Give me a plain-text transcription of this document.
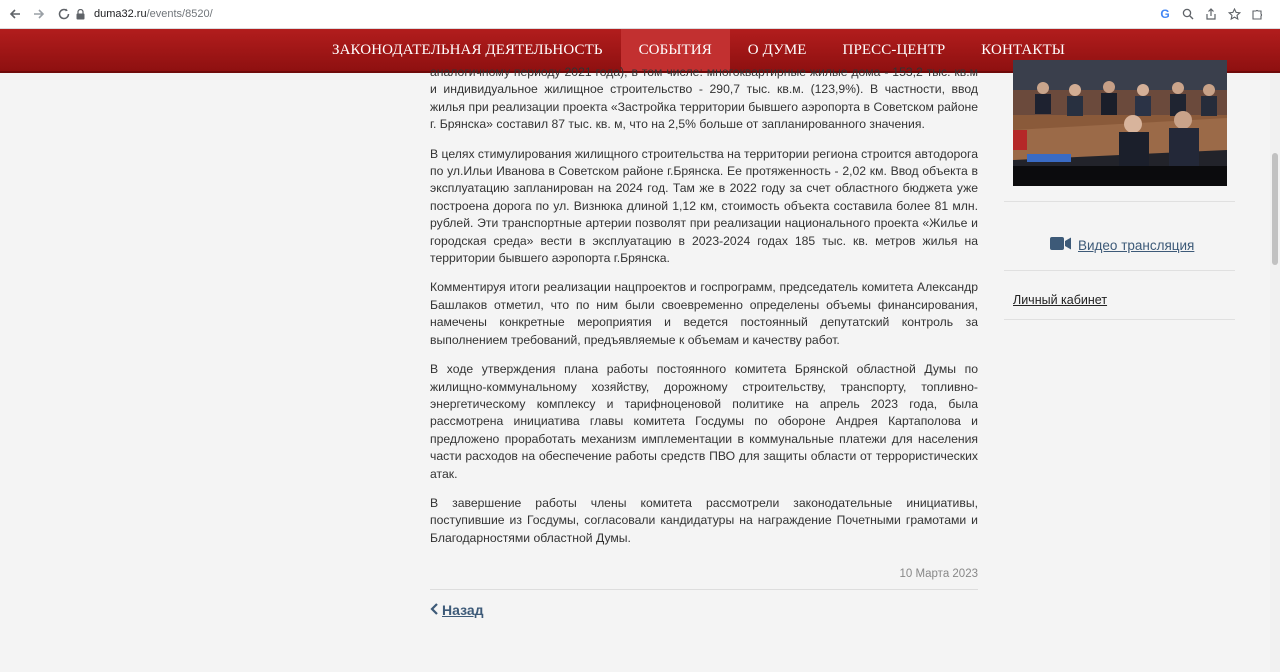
duma32.ru/events/8520/	G
ЗАКОНОДАТЕЛЬНАЯ ДЕЯТЕЛЬНОСТЬ	СОБЫТИЯ	О ДУМЕ	ПРЕСС-ЦЕНТР	КОНТАКТЫ

аналогичному периоду 2021 года), в том числе: многоквартирные жилые дома - 153,2 тыс. кв.м и индивидуальное жилищное строительство - 290,7 тыс. кв.м. (123,9%). В частности, ввод жилья при реализации проекта «Застройка территории бывшего аэропорта в Советском районе г. Брянска» составил 87 тыс. кв. м, что на 2,5% больше от запланированного значения.

В целях стимулирования жилищного строительства на территории региона строится автодорога по ул.Ильи Иванова в Советском районе г.Брянска. Ее протяженность - 2,02 км. Ввод объекта в эксплуатацию запланирован на 2024 год. Там же в 2022 году за счет областного бюджета уже построена дорога по ул. Визнюка длиной 1,12 км, стоимость объекта составила более 81 млн. рублей. Эти транспортные артерии позволят при реализации национального проекта «Жилье и городская среда» вести в эксплуатацию в 2023-2024 годах 185 тыс. кв. метров жилья на территории бывшего аэропорта г.Брянска.

Комментируя итоги реализации нацпроектов и госпрограмм, председатель комитета Александр Башлаков отметил, что по ним были своевременно определены объемы финансирования, намечены конкретные мероприятия и ведется постоянный депутатский контроль за выполнением требований, предъявляемые к объемам и качеству работ.

В ходе утверждения плана работы постоянного комитета Брянской областной Думы по жилищно-коммунальному хозяйству, дорожному строительству, транспорту, топливно-энергетическому комплексу и тарифноценовой политике на апрель 2023 года, была рассмотрена инициатива главы комитета Госдумы по обороне Андрея Картаполова и предложено проработать механизм имплементации в коммунальные платежи для населения части расходов на обеспечение работы средств ПВО для защиты области от террористических атак.

В завершение работы члены комитета рассмотрели законодательные инициативы, поступившие из Госдумы, согласовали кандидатуры на награждение Почетными грамотами и Благодарностями областной Думы.

10 Марта 2023
Назад
Видео трансляция
Личный кабинет
